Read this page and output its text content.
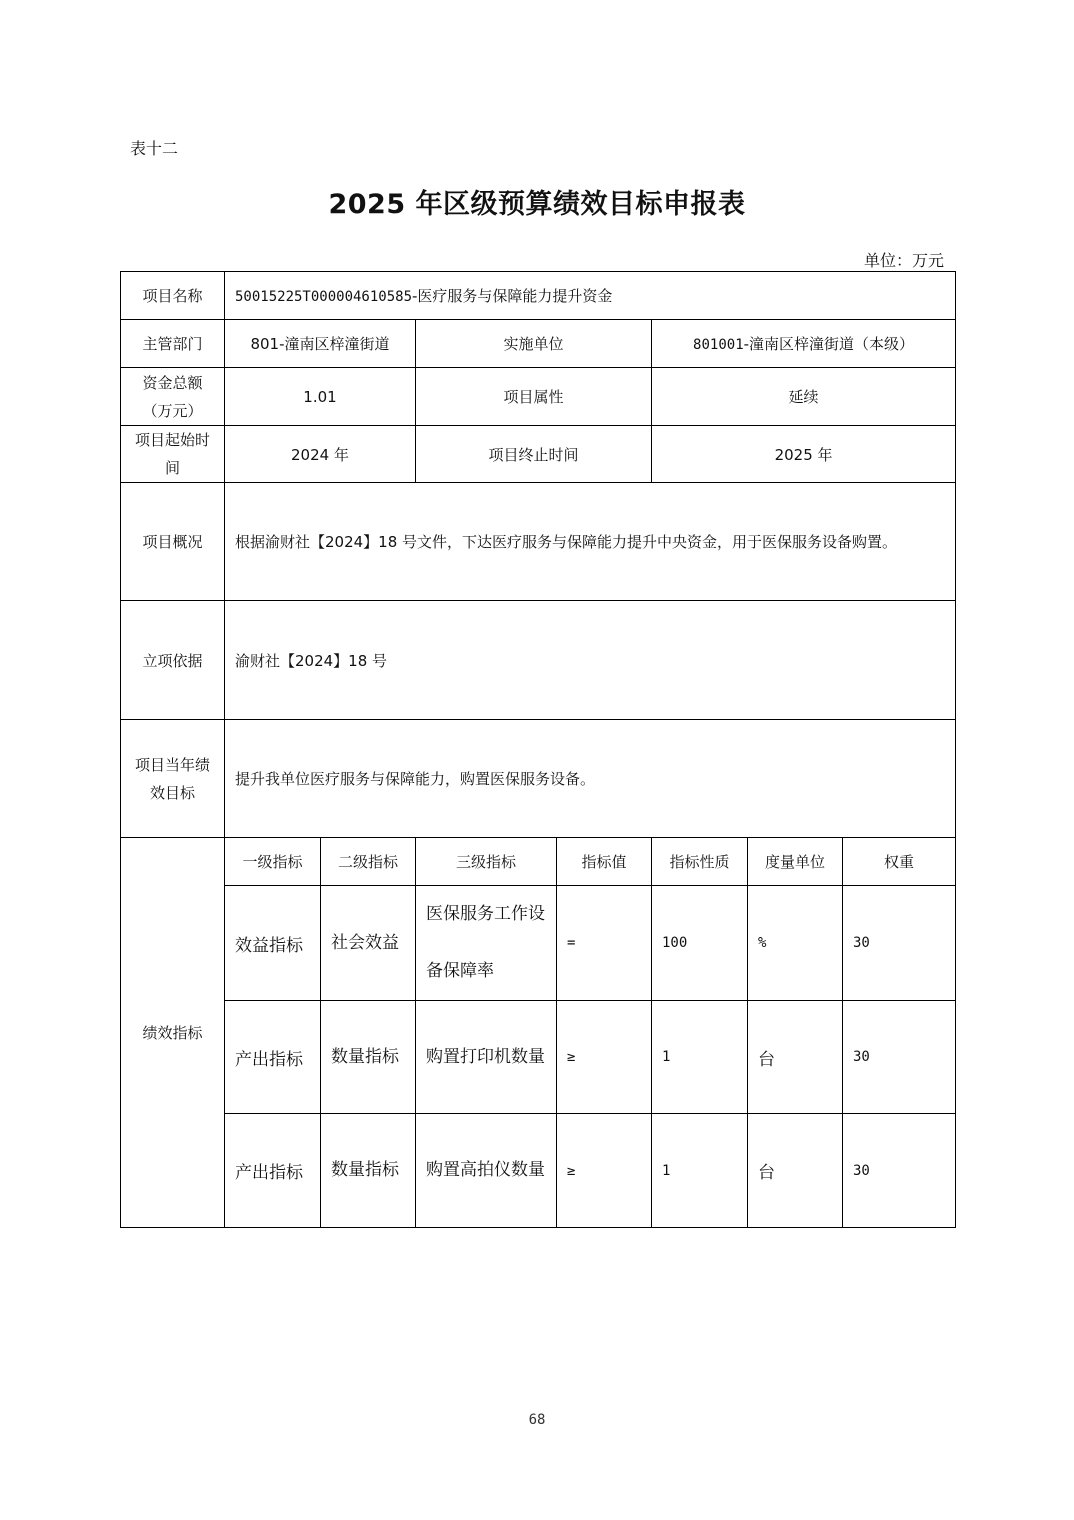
表十二
2025 年区级预算绩效目标申报表
单位：万元
项目名称	50015225T000004610585-医疗服务与保障能力提升资金						
主管部门	801-潼南区梓潼街道		实施单位		801001-潼南区梓潼街道（本级）		
资金总额（万元）	1.01		项目属性		延续		
项目起始时间	2024 年		项目终止时间		2025 年		
项目概况	根据渝财社【2024】18 号文件，下达医疗服务与保障能力提升中央资金，用于医保服务设备购置。						
立项依据	渝财社【2024】18 号						
项目当年绩效目标	提升我单位医疗服务与保障能力，购置医保服务设备。						
绩效指标	一级指标	二级指标	三级指标	指标值	指标性质	度量单位	权重
	效益指标	社会效益	医保服务工作设备保障率	=	100	%	30
	产出指标	数量指标	购置打印机数量	≥	1	台	30
	产出指标	数量指标	购置高拍仪数量	≥	1	台	30
68
